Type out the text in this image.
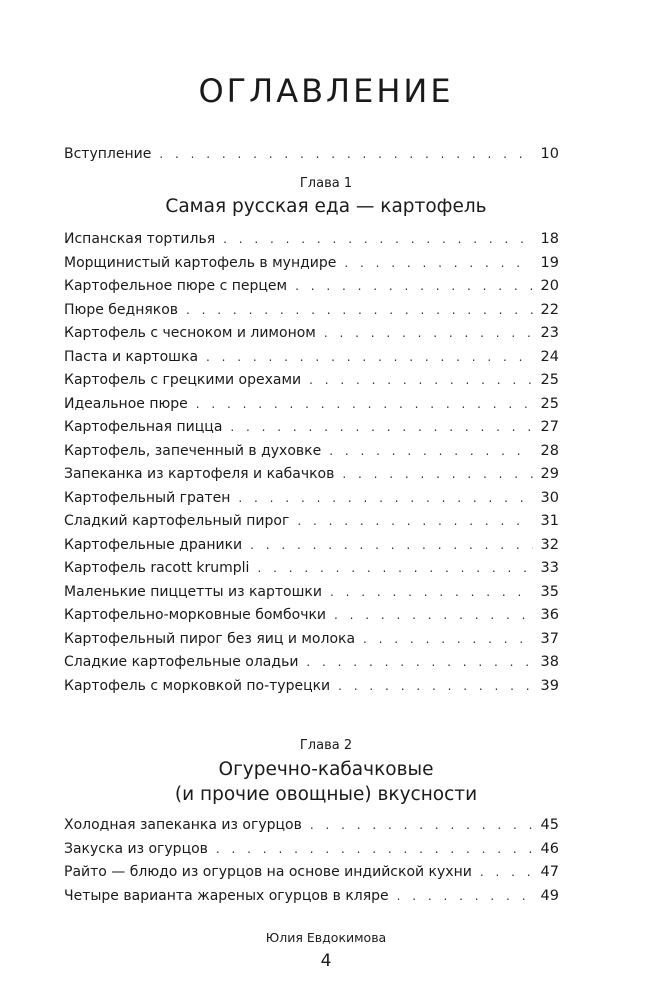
ОГЛАВЛЕНИЕ
Вступление . . .	10
Глава 1
Самая русская еда — картофель
Испанская тортилья . . .	18
Морщинистый картофель в мундире . . .	19
Картофельное пюре с перцем . . .	20
Пюре бедняков . . .	22
Картофель с чесноком и лимоном . . .	23
Паста и картошка . . .	24
Картофель с грецкими орехами . . .	25
Идеальное пюре . . .	25
Картофельная пицца . . .	27
Картофель, запеченный в духовке . . .	28
Запеканка из картофеля и кабачков . . .	29
Картофельный гратен . . .	30
Сладкий картофельный пирог . . .	31
Картофельные драники . . .	32
Картофель racott krumpli . . .	33
Маленькие пиццетты из картошки . . .	35
Картофельно-морковные бомбочки . . .	36
Картофельный пирог без яиц и молока . . .	37
Сладкие картофельные оладьи . . .	38
Картофель с морковкой по-турецки . . .	39
Глава 2
Огуречно-кабачковые
(и прочие овощные) вкусности
Холодная запеканка из огурцов . . .	45
Закуска из огурцов . . .	46
Райто — блюдо из огурцов на основе индийской кухни . . .	47
Четыре варианта жареных огурцов в кляре . . .	49
Юлия Евдокимова
4
